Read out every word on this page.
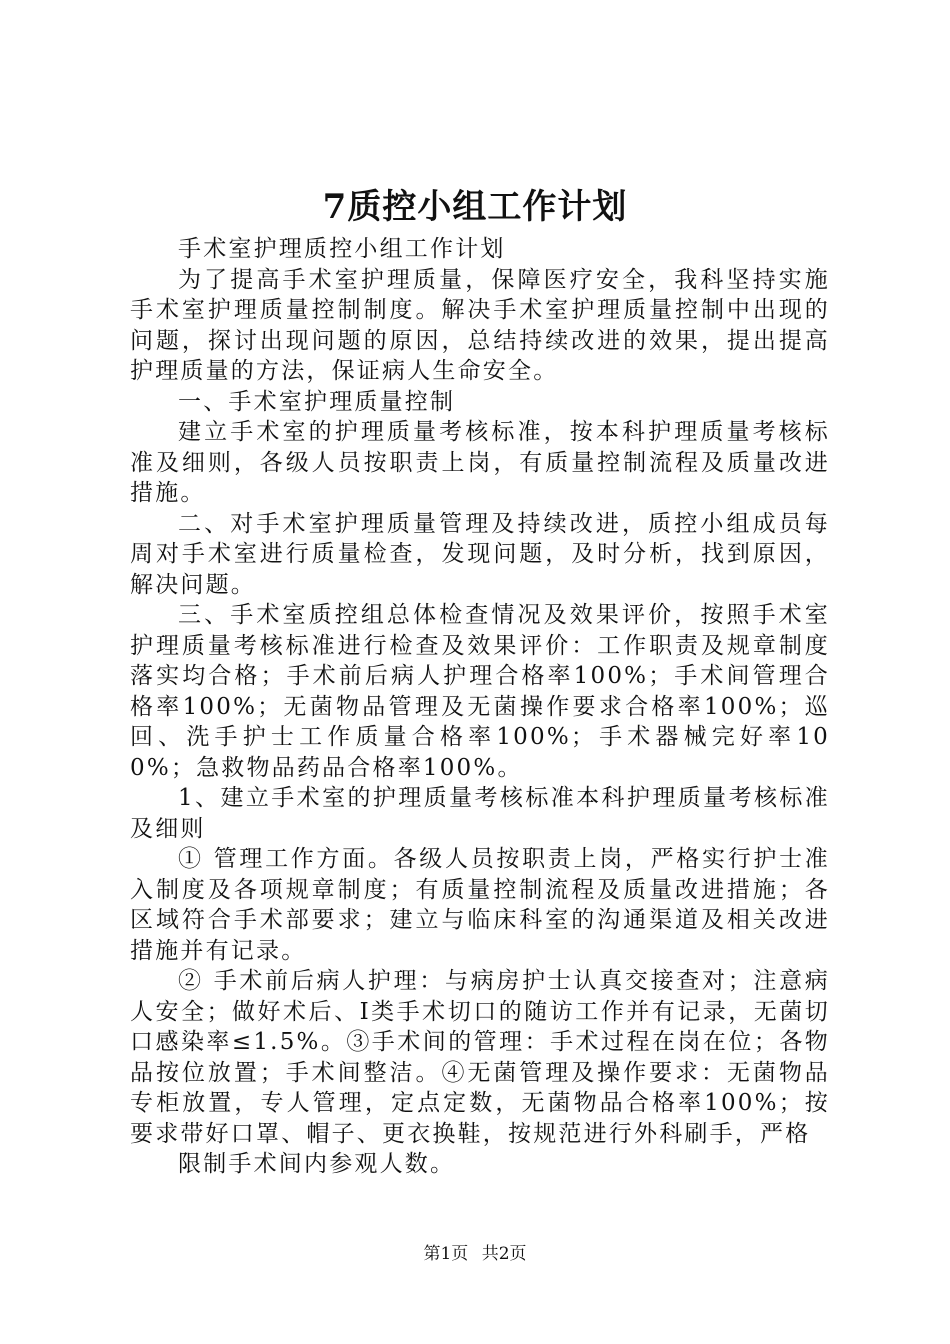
7质控小组工作计划

手术室护理质控小组工作计划

为了提高手术室护理质量，保障医疗安全，我科坚持实施手术室护理质量控制制度。解决手术室护理质量控制中出现的问题，探讨出现问题的原因，总结持续改进的效果，提出提高护理质量的方法，保证病人生命安全。

一、手术室护理质量控制

建立手术室的护理质量考核标准，按本科护理质量考核标准及细则，各级人员按职责上岗，有质量控制流程及质量改进措施。

二、对手术室护理质量管理及持续改进，质控小组成员每周对手术室进行质量检查，发现问题，及时分析，找到原因，解决问题。

三、手术室质控组总体检查情况及效果评价，按照手术室护理质量考核标准进行检查及效果评价：工作职责及规章制度落实均合格；手术前后病人护理合格率100%；手术间管理合格率100%；无菌物品管理及无菌操作要求合格率100%；巡回、洗手护士工作质量合格率100%；手术器械完好率100%；急救物品药品合格率100%。

1、建立手术室的护理质量考核标准本科护理质量考核标准及细则

① 管理工作方面。各级人员按职责上岗，严格实行护士准入制度及各项规章制度；有质量控制流程及质量改进措施；各区域符合手术部要求；建立与临床科室的沟通渠道及相关改进措施并有记录。

② 手术前后病人护理：与病房护士认真交接查对；注意病人安全；做好术后、Ⅰ类手术切口的随访工作并有记录，无菌切口感染率≤1.5%。③手术间的管理：手术过程在岗在位；各物品按位放置；手术间整洁。④无菌管理及操作要求：无菌物品专柜放置，专人管理，定点定数，无菌物品合格率100%；按要求带好口罩、帽子、更衣换鞋，按规范进行外科刷手，严格

限制手术间内参观人数。

第1页 共2页
